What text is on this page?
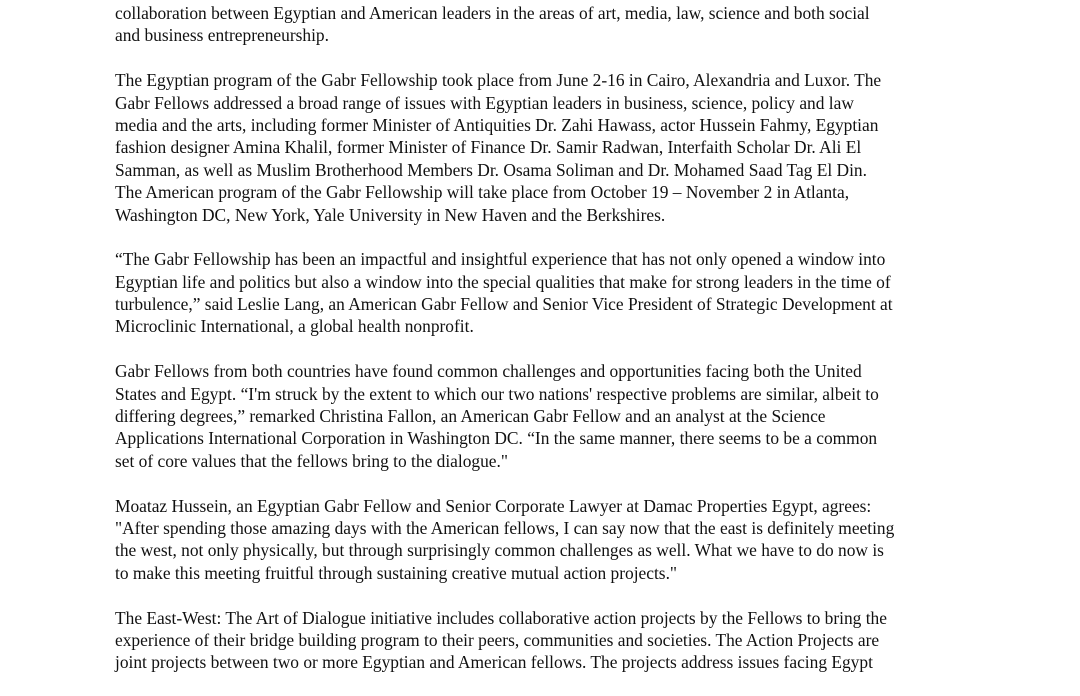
collaboration between Egyptian and American leaders in the areas of art, media, law, science and both social
and business entrepreneurship.
The Egyptian program of the Gabr Fellowship took place from June 2-16 in Cairo, Alexandria and Luxor. The
Gabr Fellows addressed a broad range of issues with Egyptian leaders in business, science, policy and law
media and the arts, including former Minister of Antiquities Dr. Zahi Hawass, actor Hussein Fahmy, Egyptian
fashion designer Amina Khalil, former Minister of Finance Dr. Samir Radwan, Interfaith Scholar Dr. Ali El
Samman, as well as Muslim Brotherhood Members Dr. Osama Soliman and Dr. Mohamed Saad Tag El Din.
The American program of the Gabr Fellowship will take place from October 19 – November 2 in Atlanta,
Washington DC, New York, Yale University in New Haven and the Berkshires.
“The Gabr Fellowship has been an impactful and insightful experience that has not only opened a window into
Egyptian life and politics but also a window into the special qualities that make for strong leaders in the time of
turbulence,” said Leslie Lang, an American Gabr Fellow and Senior Vice President of Strategic Development at
Microclinic International, a global health nonprofit.
Gabr Fellows from both countries have found common challenges and opportunities facing both the United
States and Egypt. “I'm struck by the extent to which our two nations' respective problems are similar, albeit to
differing degrees,” remarked Christina Fallon, an American Gabr Fellow and an analyst at the Science
Applications International Corporation in Washington DC. “In the same manner, there seems to be a common
set of core values that the fellows bring to the dialogue."
Moataz Hussein, an Egyptian Gabr Fellow and Senior Corporate Lawyer at Damac Properties Egypt, agrees:
"After spending those amazing days with the American fellows, I can say now that the east is definitely meeting
the west, not only physically, but through surprisingly common challenges as well. What we have to do now is
to make this meeting fruitful through sustaining creative mutual action projects."
The East-West: The Art of Dialogue initiative includes collaborative action projects by the Fellows to bring the
experience of their bridge building program to their peers, communities and societies. The Action Projects are
joint projects between two or more Egyptian and American fellows. The projects address issues facing Egypt
